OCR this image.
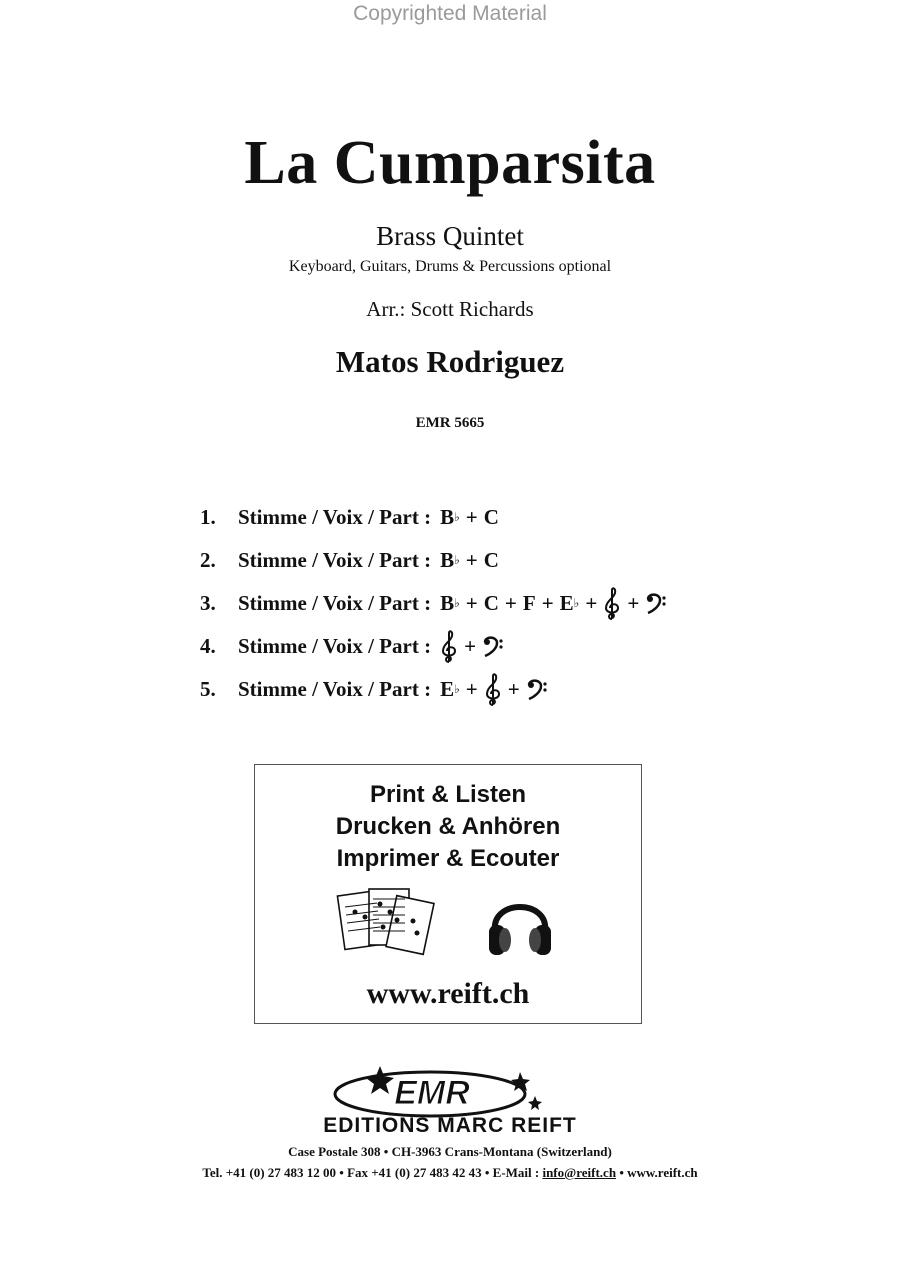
Copyrighted Material
La Cumparsita
Brass Quintet
Keyboard, Guitars, Drums & Percussions optional
Arr.: Scott Richards
Matos Rodriguez
EMR 5665
1.	Stimme / Voix / Part : B ♭ + C
2.	Stimme / Voix / Part : B ♭ + C
3.	Stimme / Voix / Part : B ♭ + C + F + E ♭ + +
4.	Stimme / Voix / Part : +
5.	Stimme / Voix / Part : E ♭ + +
Print & Listen
Drucken & Anhören
Imprimer & Ecouter
www.reift.ch
EMR
EDITIONS MARC REIFT
Case Postale 308 • CH-3963 Crans-Montana (Switzerland)
Tel. +41 (0) 27 483 12 00 • Fax +41 (0) 27 483 42 43 • E-Mail : info@reift.ch • www.reift.ch
